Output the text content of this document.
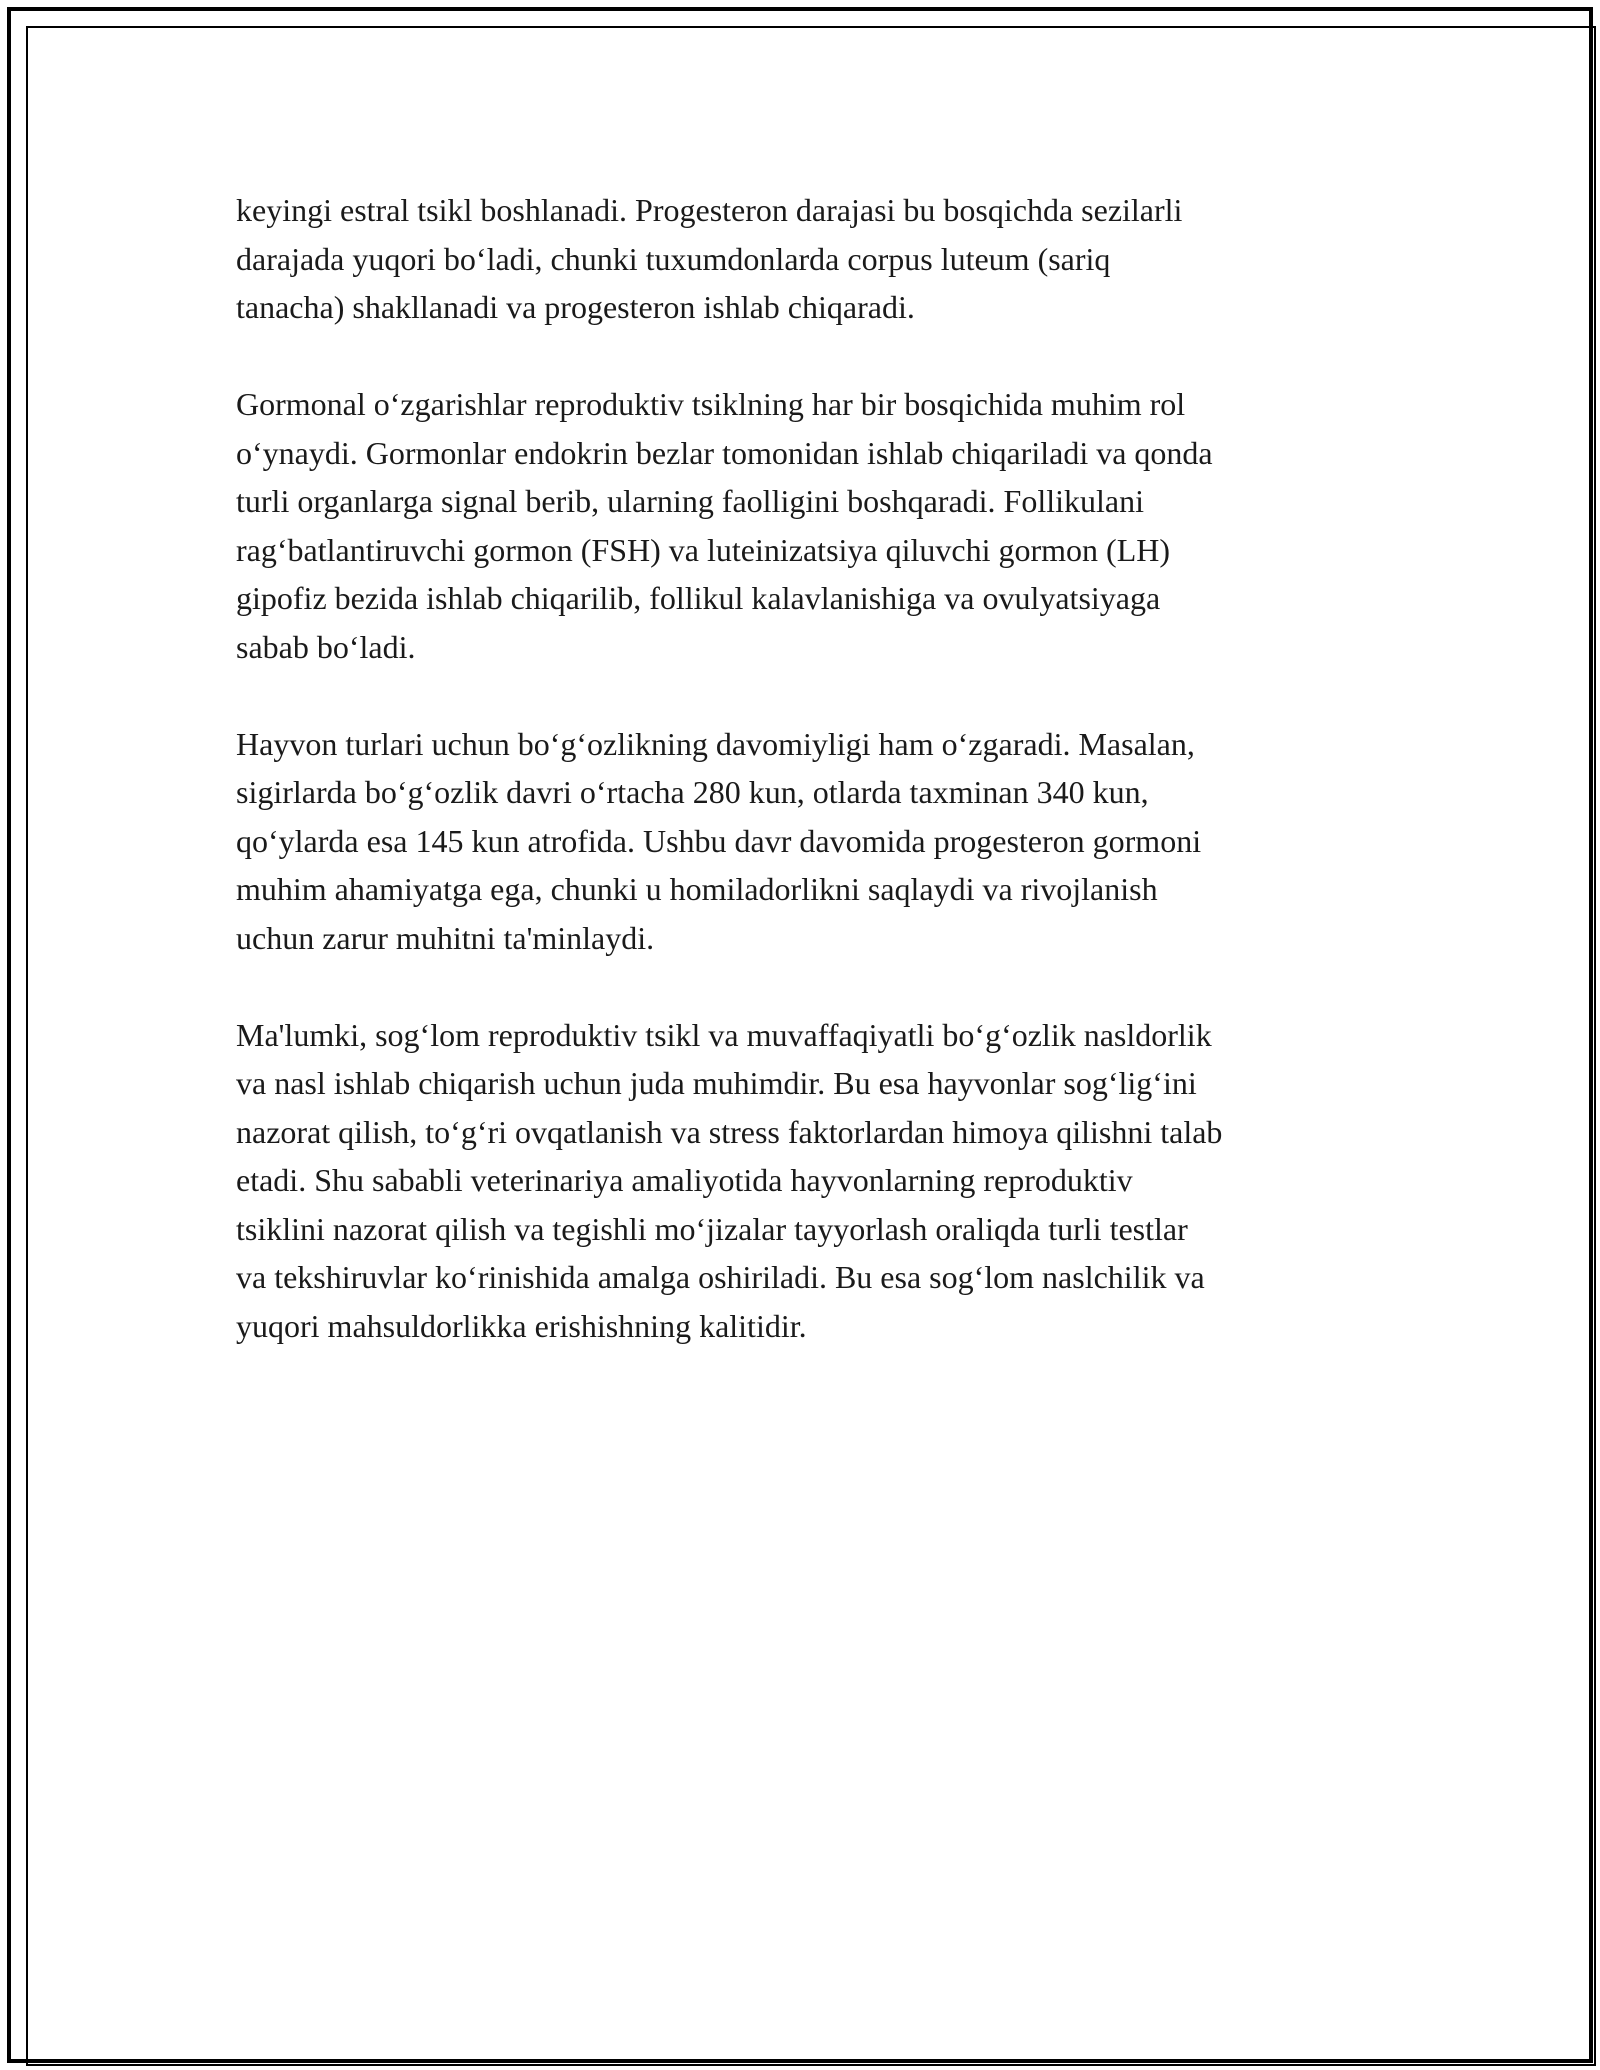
keyingi estral tsikl boshlanadi. Progesteron darajasi bu bosqichda sezilarli
darajada yuqori bo‘ladi, chunki tuxumdonlarda corpus luteum (sariq
tanacha) shakllanadi va progesteron ishlab chiqaradi.

Gormonal o‘zgarishlar reproduktiv tsiklning har bir bosqichida muhim rol
o‘ynaydi. Gormonlar endokrin bezlar tomonidan ishlab chiqariladi va qonda
turli organlarga signal berib, ularning faolligini boshqaradi. Follikulani
rag‘batlantiruvchi gormon (FSH) va luteinizatsiya qiluvchi gormon (LH)
gipofiz bezida ishlab chiqarilib, follikul kalavlanishiga va ovulyatsiyaga
sabab bo‘ladi.

Hayvon turlari uchun bo‘g‘ozlikning davomiyligi ham o‘zgaradi. Masalan,
sigirlarda bo‘g‘ozlik davri o‘rtacha 280 kun, otlarda taxminan 340 kun,
qo‘ylarda esa 145 kun atrofida. Ushbu davr davomida progesteron gormoni
muhim ahamiyatga ega, chunki u homiladorlikni saqlaydi va rivojlanish
uchun zarur muhitni ta'minlaydi.

Ma'lumki, sog‘lom reproduktiv tsikl va muvaffaqiyatli bo‘g‘ozlik nasldorlik
va nasl ishlab chiqarish uchun juda muhimdir. Bu esa hayvonlar sog‘lig‘ini
nazorat qilish, to‘g‘ri ovqatlanish va stress faktorlardan himoya qilishni talab
etadi. Shu sababli veterinariya amaliyotida hayvonlarning reproduktiv
tsiklini nazorat qilish va tegishli mo‘jizalar tayyorlash oraliqda turli testlar
va tekshiruvlar ko‘rinishida amalga oshiriladi. Bu esa sog‘lom naslchilik va
yuqori mahsuldorlikka erishishning kalitidir.
